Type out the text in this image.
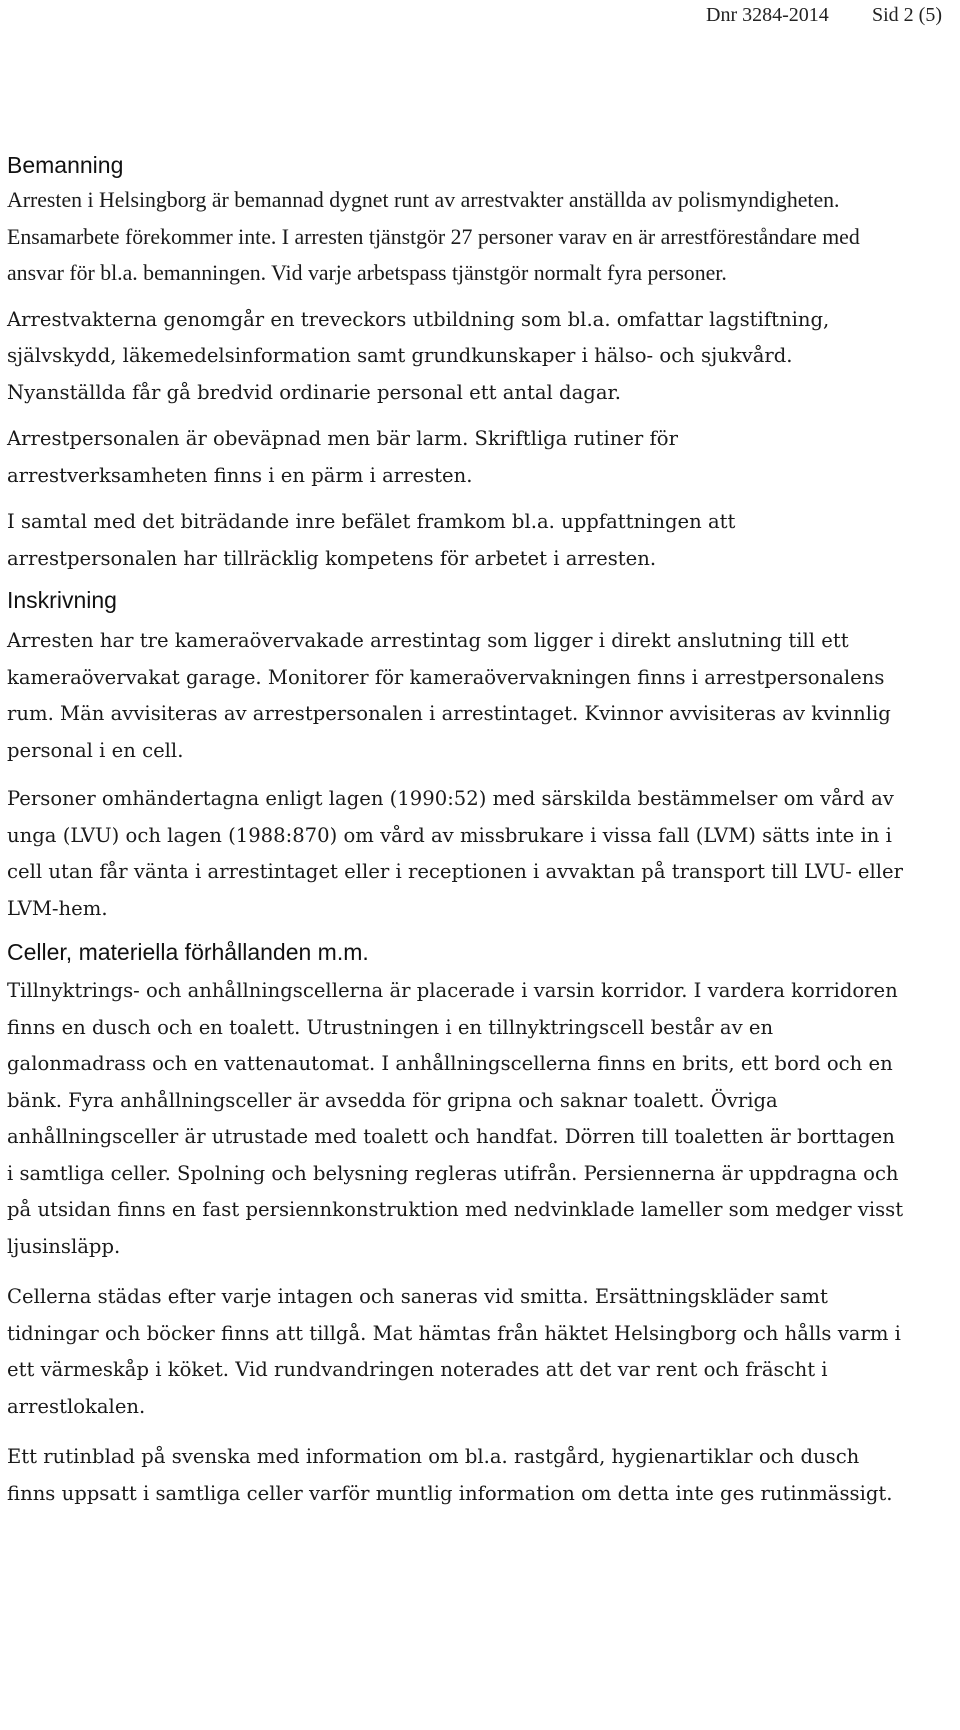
Dnr 3284-2014 Sid 2 (5)
Bemanning

Arresten i Helsingborg är bemannad dygnet runt av arrestvakter anställda av polismyndigheten. Ensamarbete förekommer inte. I arresten tjänstgör 27 personer varav en är arrestföreståndare med ansvar för bl.a. bemanningen. Vid varje arbetspass tjänstgör normalt fyra personer.

Arrestvakterna genomgår en treveckors utbildning som bl.a. omfattar lagstiftning, självskydd, läkemedelsinformation samt grundkunskaper i hälso- och sjukvård. Nyanställda får gå bredvid ordinarie personal ett antal dagar.

Arrestpersonalen är obeväpnad men bär larm. Skriftliga rutiner för arrestverksamheten finns i en pärm i arresten.

I samtal med det biträdande inre befälet framkom bl.a. uppfattningen att arrestpersonalen har tillräcklig kompetens för arbetet i arresten.

Inskrivning

Arresten har tre kameraövervakade arrestintag som ligger i direkt anslutning till ett kameraövervakat garage. Monitorer för kameraövervakningen finns i arrestpersonalens rum. Män avvisiteras av arrestpersonalen i arrestintaget. Kvinnor avvisiteras av kvinnlig personal i en cell.

Personer omhändertagna enligt lagen (1990:52) med särskilda bestämmelser om vård av unga (LVU) och lagen (1988:870) om vård av missbrukare i vissa fall (LVM) sätts inte in i cell utan får vänta i arrestintaget eller i receptionen i avvaktan på transport till LVU- eller LVM-hem.

Celler, materiella förhållanden m.m.

Tillnyktrings- och anhållningscellerna är placerade i varsin korridor. I vardera korridoren finns en dusch och en toalett. Utrustningen i en tillnyktringscell består av en galonmadrass och en vattenautomat. I anhållningscellerna finns en brits, ett bord och en bänk. Fyra anhållningsceller är avsedda för gripna och saknar toalett. Övriga anhållningsceller är utrustade med toalett och handfat. Dörren till toaletten är borttagen i samtliga celler. Spolning och belysning regleras utifrån. Persiennerna är uppdragna och på utsidan finns en fast persiennkonstruktion med nedvinklade lameller som medger visst ljusinsläpp.

Cellerna städas efter varje intagen och saneras vid smitta. Ersättningskläder samt tidningar och böcker finns att tillgå. Mat hämtas från häktet Helsingborg och hålls varm i ett värmeskåp i köket. Vid rundvandringen noterades att det var rent och fräscht i arrestlokalen.

Ett rutinblad på svenska med information om bl.a. rastgård, hygienartiklar och dusch finns uppsatt i samtliga celler varför muntlig information om detta inte ges rutinmässigt.
